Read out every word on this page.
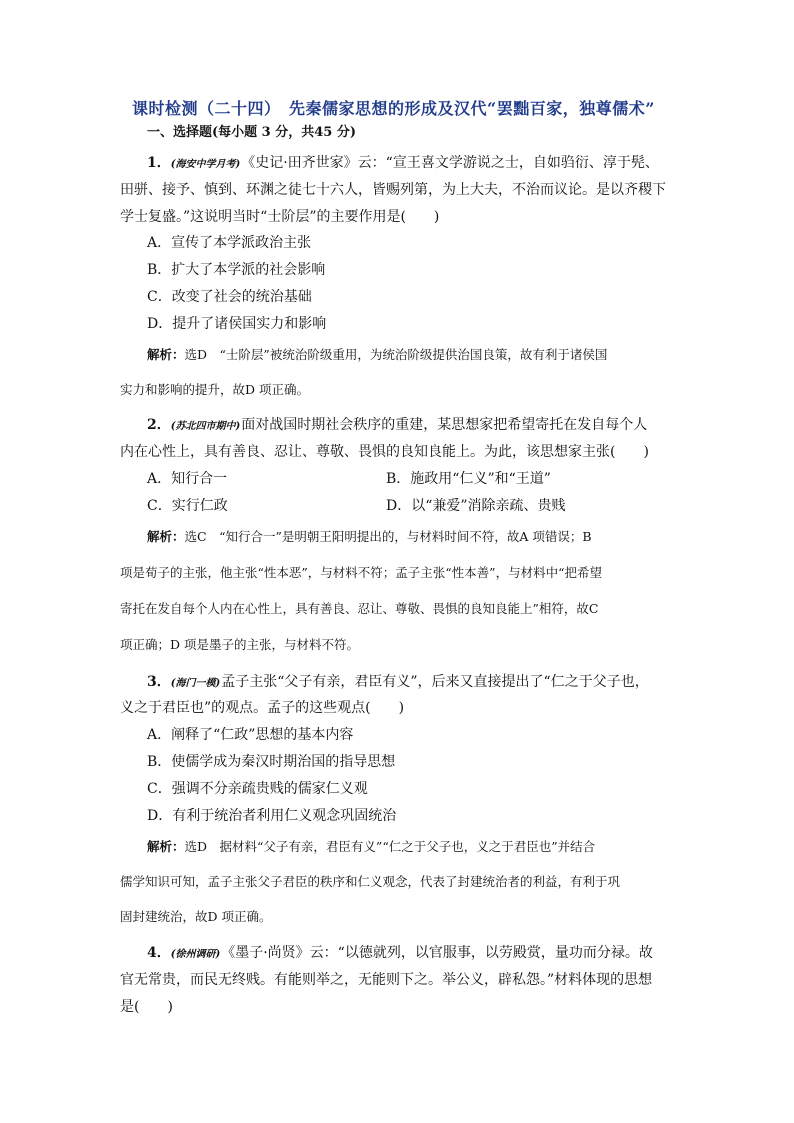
课时检测（二十四）　先秦儒家思想的形成及汉代“罢黜百家，独尊儒术”
一、选择题(每小题 3 分，共45 分)
1．(海安中学月考)《史记·田齐世家》云：“宣王喜文学游说之士，自如驺衍、淳于髡、
田骈、接予、慎到、环渊之徒七十六人，皆赐列第，为上大夫，不治而议论。是以齐稷下
学士复盛。”这说明当时“士阶层”的主要作用是(　　)
A．宣传了本学派政治主张
B．扩大了本学派的社会影响
C．改变了社会的统治基础
D．提升了诸侯国实力和影响
解析：选D　“士阶层”被统治阶级重用，为统治阶级提供治国良策，故有利于诸侯国
实力和影响的提升，故D 项正确。
2．(苏北四市期中)面对战国时期社会秩序的重建，某思想家把希望寄托在发自每个人
内在心性上，具有善良、忍让、尊敬、畏惧的良知良能上。为此，该思想家主张(　　)
A．知行合一	B．施政用“仁义”和“王道”
C．实行仁政	D．以“兼爱”消除亲疏、贵贱
解析：选C　“知行合一”是明朝王阳明提出的，与材料时间不符，故A 项错误；B
项是荀子的主张，他主张“性本恶”，与材料不符；孟子主张“性本善”，与材料中“把希望
寄托在发自每个人内在心性上，具有善良、忍让、尊敬、畏惧的良知良能上”相符，故C
项正确；D 项是墨子的主张，与材料不符。
3．(海门一模)孟子主张“父子有亲，君臣有义”，后来又直接提出了“仁之于父子也，
义之于君臣也”的观点。孟子的这些观点(　　)
A．阐释了“仁政”思想的基本内容
B．使儒学成为秦汉时期治国的指导思想
C．强调不分亲疏贵贱的儒家仁义观
D．有利于统治者利用仁义观念巩固统治
解析：选D　据材料“父子有亲，君臣有义”“仁之于父子也，义之于君臣也”并结合
儒学知识可知，孟子主张父子君臣的秩序和仁义观念，代表了封建统治者的利益，有利于巩
固封建统治，故D 项正确。
4．(徐州调研)《墨子·尚贤》云：“以德就列，以官服事，以劳殿赏，量功而分禄。故
官无常贵，而民无终贱。有能则举之，无能则下之。举公义，辟私怨。”材料体现的思想
是(　　)
